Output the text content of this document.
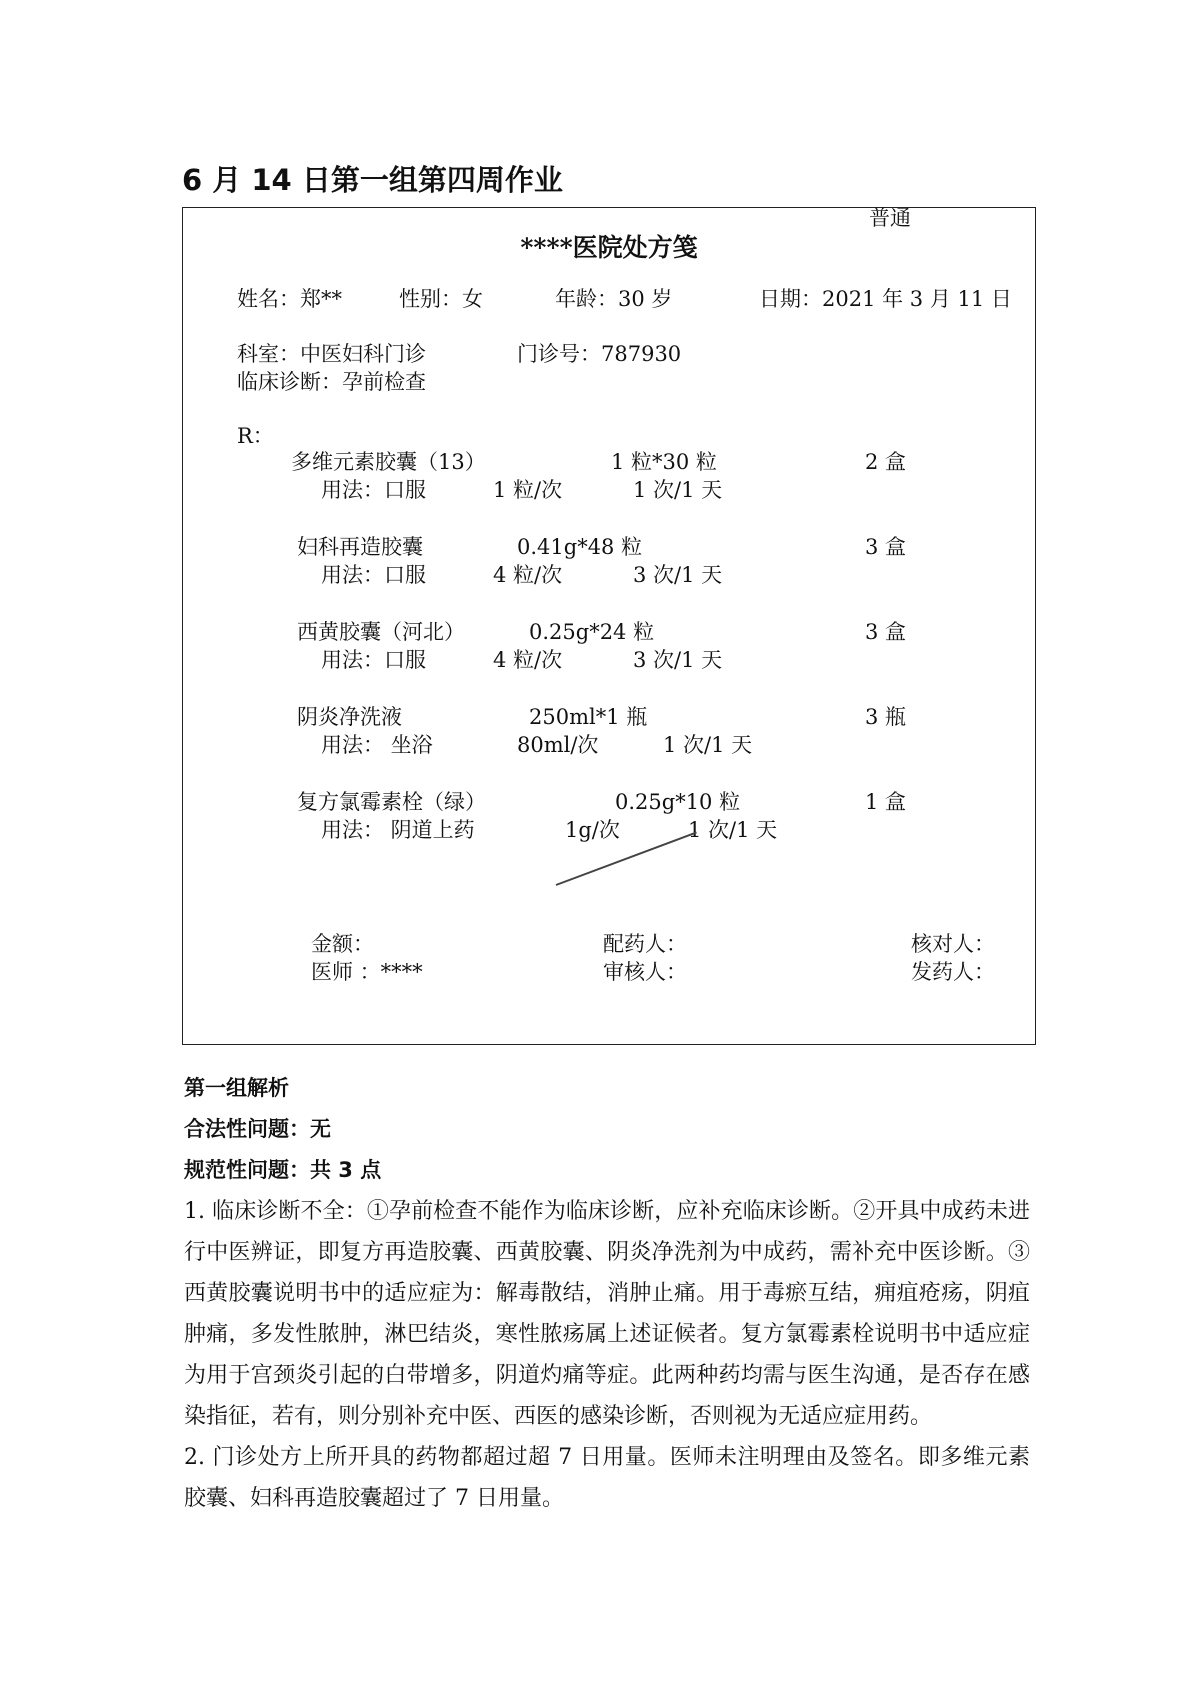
6 月 14 日第一组第四周作业
普通
****医院处方笺
姓名：郑**	性别：女	年龄：30 岁	日期：2021 年 3 月 11 日
科室：中医妇科门诊	门诊号：787930
临床诊断：孕前检查
R：
多维元素胶囊（13）	1 粒*30 粒	2 盒
用法：口服	1 粒/次	1 次/1 天
妇科再造胶囊	0.41g*48 粒	3 盒
用法：口服	4 粒/次	3 次/1 天
西黄胶囊（河北）	0.25g*24 粒	3 盒
用法：口服	4 粒/次	3 次/1 天
阴炎净洗液	250ml*1 瓶	3 瓶
用法： 坐浴	80ml/次	1 次/1 天
复方氯霉素栓（绿）	0.25g*10 粒	1 盒
用法： 阴道上药	1g/次	1 次/1 天
金额：	配药人：	核对人：
医师 ：****	审核人：	发药人：
第一组解析
合法性问题：无
规范性问题：共 3 点
1. 临床诊断不全：①孕前检查不能作为临床诊断，应补充临床诊断。②开具中成药未进行中医辨证，即复方再造胶囊、西黄胶囊、阴炎净洗剂为中成药，需补充中医诊断。③西黄胶囊说明书中的适应症为：解毒散结，消肿止痛。用于毒瘀互结，痈疽疮疡，阴疽肿痛，多发性脓肿，淋巴结炎，寒性脓疡属上述证候者。复方氯霉素栓说明书中适应症为用于宫颈炎引起的白带增多，阴道灼痛等症。此两种药均需与医生沟通，是否存在感染指征，若有，则分别补充中医、西医的感染诊断，否则视为无适应症用药。
2. 门诊处方上所开具的药物都超过超 7 日用量。医师未注明理由及签名。即多维元素胶囊、妇科再造胶囊超过了 7 日用量。
